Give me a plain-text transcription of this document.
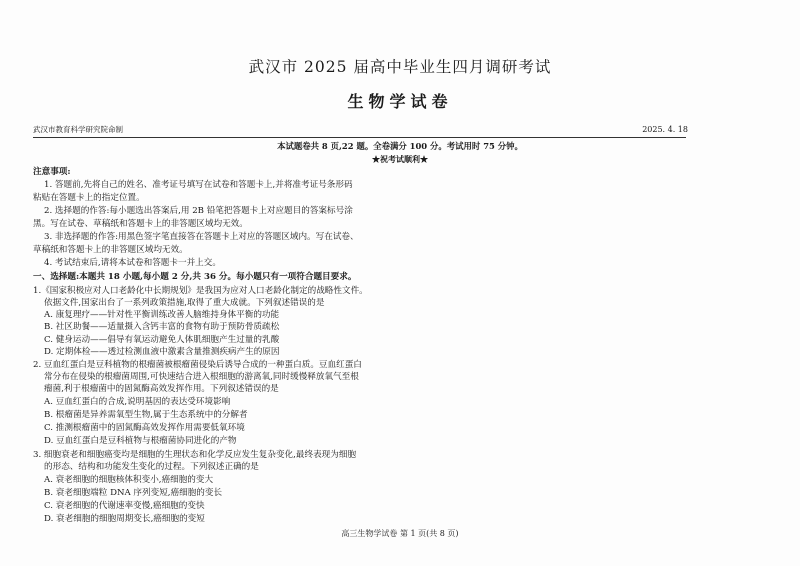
武汉市 2025 届高中毕业生四月调研考试
生物学试卷
武汉市教育科学研究院命制	2025. 4. 18
本试题卷共 8 页,22 题。全卷满分 100 分。考试用时 75 分钟。
★祝考试顺利★
注意事项:
1. 答题前,先将自己的姓名、准考证号填写在试卷和答题卡上,并将准考证号条形码
粘贴在答题卡上的指定位置。
2. 选择题的作答:每小题选出答案后,用 2B 铅笔把答题卡上对应题目的答案标号涂
黑。写在试卷、草稿纸和答题卡上的非答题区域均无效。
3. 非选择题的作答:用黑色签字笔直接答在答题卡上对应的答题区域内。写在试卷、
草稿纸和答题卡上的非答题区域均无效。
4. 考试结束后,请将本试卷和答题卡一并上交。
一、选择题:本题共 18 小题,每小题 2 分,共 36 分。每小题只有一项符合题目要求。
1.《国家积极应对人口老龄化中长期规划》是我国为应对人口老龄化制定的战略性文件。
依据文件,国家出台了一系列政策措施,取得了重大成就。下列叙述错误的是
A. 康复理疗——针对性平衡训练改善人脑维持身体平衡的功能
B. 社区助餐——适量摄入含钙丰富的食物有助于预防骨质疏松
C. 健身运动——倡导有氧运动避免人体肌细胞产生过量的乳酸
D. 定期体检——透过检测血液中激素含量推测疾病产生的原因
2. 豆血红蛋白是豆科植物的根瘤菌被根瘤菌侵染后诱导合成的一种蛋白质。豆血红蛋白
常分布在侵染的根瘤菌周围,可快速结合进入根细胞的游离氧,同时缓慢释放氧气至根
瘤菌,利于根瘤菌中的固氮酶高效发挥作用。下列叙述错误的是
A. 豆血红蛋白的合成,说明基因的表达受环境影响
B. 根瘤菌是异养需氧型生物,属于生态系统中的分解者
C. 推测根瘤菌中的固氮酶高效发挥作用需要低氧环境
D. 豆血红蛋白是豆科植物与根瘤菌协同进化的产物
3. 细胞衰老和细胞癌变均是细胞的生理状态和化学反应发生复杂变化,最终表现为细胞
的形态、结构和功能发生变化的过程。下列叙述正确的是
A. 衰老细胞的细胞核体积变小,癌细胞的变大
B. 衰老细胞端粒 DNA 序列变短,癌细胞的变长
C. 衰老细胞的代谢速率变慢,癌细胞的变快
D. 衰老细胞的细胞周期变长,癌细胞的变短
高三生物学试卷 第 1 页(共 8 页)
